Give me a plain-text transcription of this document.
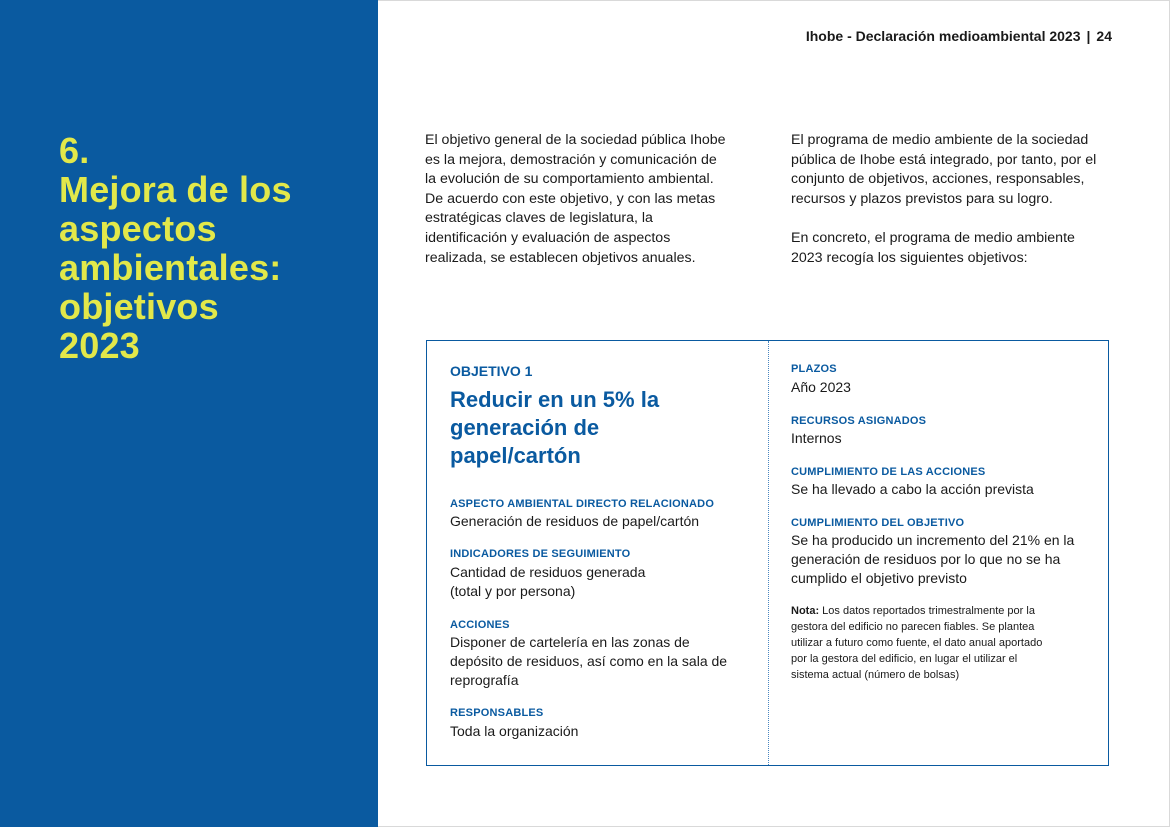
6.
Mejora de los
aspectos
ambientales:
objetivos
2023
Ihobe - Declaración medioambiental 2023 | 24

El objetivo general de la sociedad pública Ihobe
es la mejora, demostración y comunicación de
la evolución de su comportamiento ambiental.
De acuerdo con este objetivo, y con las metas
estratégicas claves de legislatura, la
identificación y evaluación de aspectos
realizada, se establecen objetivos anuales.

El programa de medio ambiente de la sociedad
pública de Ihobe está integrado, por tanto, por el
conjunto de objetivos, acciones, responsables,
recursos y plazos previstos para su logro.

En concreto, el programa de medio ambiente
2023 recogía los siguientes objetivos:

OBJETIVO 1
Reducir en un 5% la
generación de
papel/cartón
ASPECTO AMBIENTAL DIRECTO RELACIONADO
Generación de residuos de papel/cartón
INDICADORES DE SEGUIMIENTO
Cantidad de residuos generada
(total y por persona)
ACCIONES
Disponer de cartelería en las zonas de
depósito de residuos, así como en la sala de
reprografía
RESPONSABLES
Toda la organización
PLAZOS
Año 2023
RECURSOS ASIGNADOS
Internos
CUMPLIMIENTO DE LAS ACCIONES
Se ha llevado a cabo la acción prevista
CUMPLIMIENTO DEL OBJETIVO
Se ha producido un incremento del 21% en la
generación de residuos por lo que no se ha
cumplido el objetivo previsto
Nota: Los datos reportados trimestralmente por la
gestora del edificio no parecen fiables. Se plantea
utilizar a futuro como fuente, el dato anual aportado
por la gestora del edificio, en lugar el utilizar el
sistema actual (número de bolsas)
